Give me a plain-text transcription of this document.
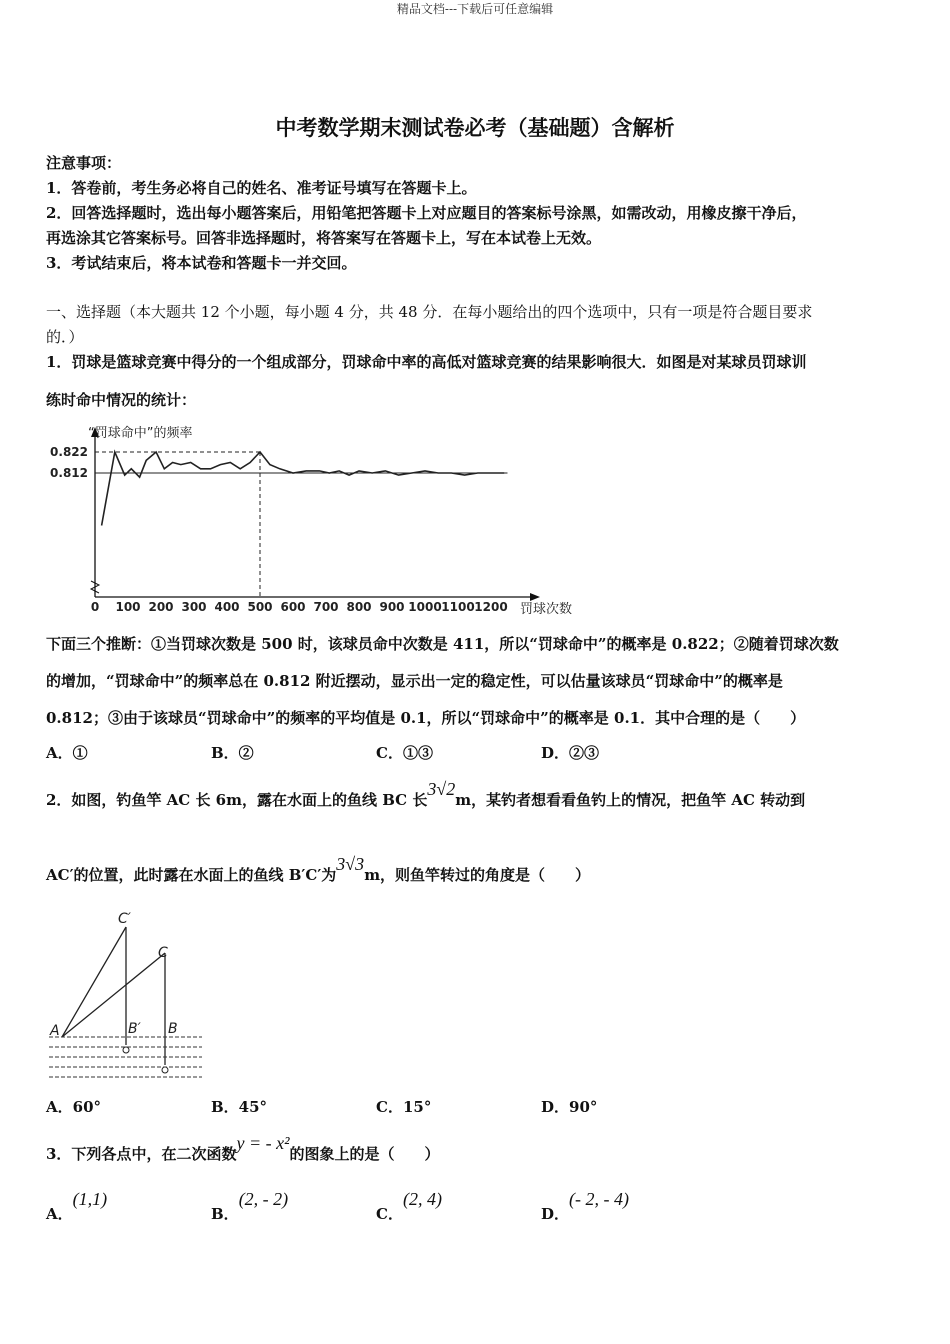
精品文档---下载后可任意编辑
中考数学期末测试卷必考（基础题）含解析
注意事项：
1．答卷前，考生务必将自己的姓名、准考证号填写在答题卡上。
2．回答选择题时，选出每小题答案后，用铅笔把答题卡上对应题目的答案标号涂黑，如需改动，用橡皮擦干净后，
再选涂其它答案标号。回答非选择题时，将答案写在答题卡上，写在本试卷上无效。
3．考试结束后，将本试卷和答题卡一并交回。
一、选择题（本大题共 12 个小题，每小题 4 分，共 48 分．在每小题给出的四个选项中，只有一项是符合题目要求
的．）
1．罚球是篮球竞赛中得分的一个组成部分，罚球命中率的高低对篮球竞赛的结果影响很大．如图是对某球员罚球训
练时命中情况的统计：
“罚球命中”的频率
罚球次数
0 100 200 300 400 500 600 700 800 900 1000 1100 1200
0.822
0.812
下面三个推断：①当罚球次数是 500 时，该球员命中次数是 411，所以“罚球命中”的概率是 0.822；②随着罚球次数
的增加，“罚球命中”的频率总在 0.812 附近摆动，显示出一定的稳定性，可以估量该球员“罚球命中”的概率是
0.812；③由于该球员“罚球命中”的频率的平均值是 0.1，所以“罚球命中”的概率是 0.1．其中合理的是（　　）
A．①	B．②	C．①③	D．②③
2．如图，钓鱼竿 AC 长 6m，露在水面上的鱼线 BC 长3√2m，某钓者想看看鱼钓上的情况，把鱼竿 AC 转动到
AC′的位置，此时露在水面上的鱼线 B′C′为3√3m，则鱼竿转过的角度是（　　）
C′
C
A	B′ B
A．60°	B．45°	C．15°	D．90°
3．下列各点中，在二次函数y = - x²的图象上的是（　　）
A．(1,1)
B．(2, - 2)
C．(2, 4)
D．(- 2, - 4)
